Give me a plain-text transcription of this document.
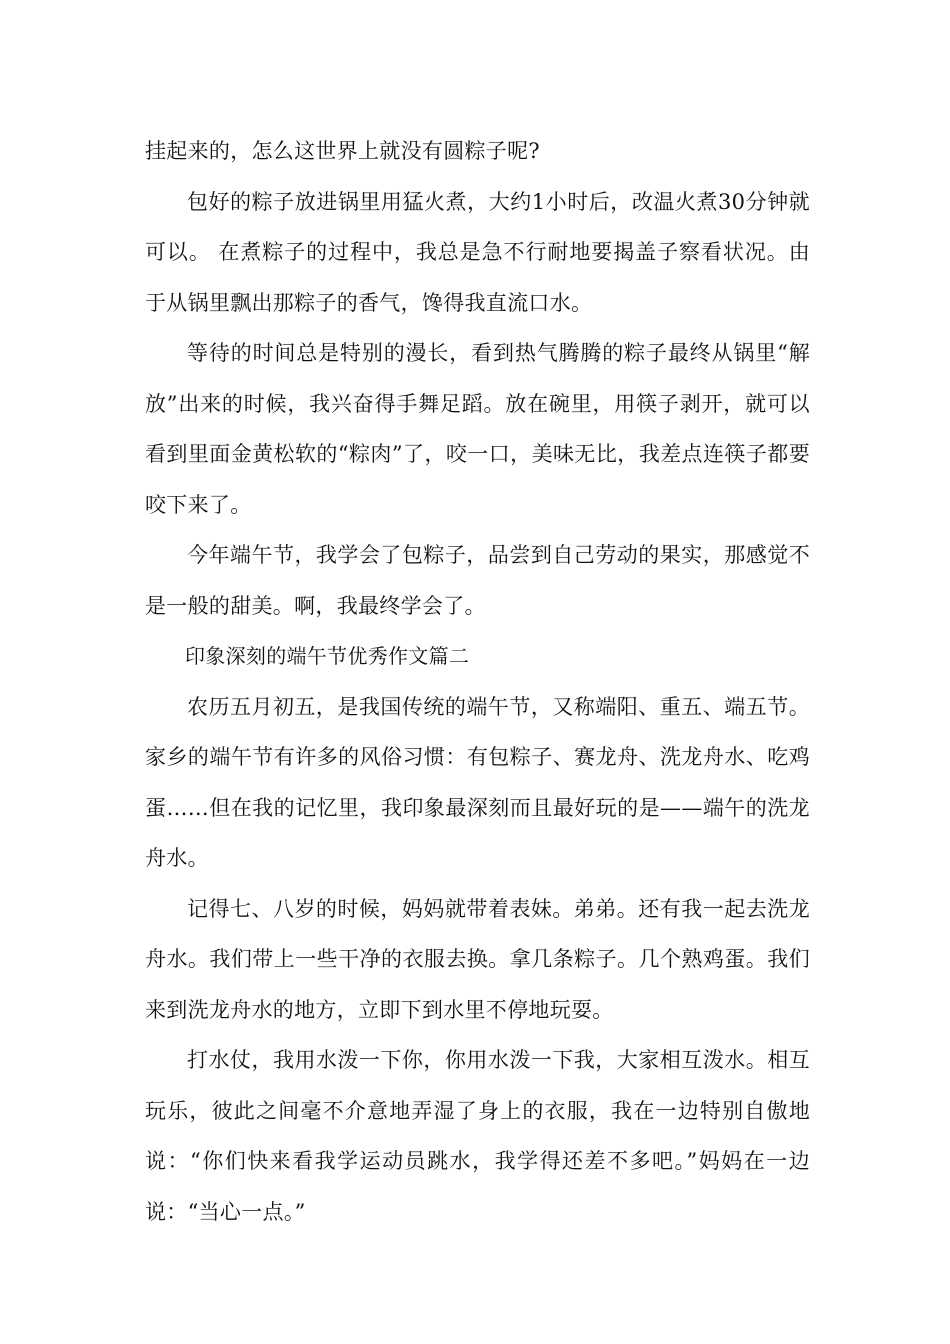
挂起来的，怎么这世界上就没有圆粽子呢?

包好的粽子放进锅里用猛火煮，大约1小时后，改温火煮30分钟就可以。 在煮粽子的过程中，我总是急不行耐地要揭盖子察看状况。由于从锅里飘出那粽子的香气，馋得我直流口水。

等待的时间总是特别的漫长，看到热气腾腾的粽子最终从锅里“解放”出来的时候，我兴奋得手舞足蹈。放在碗里，用筷子剥开，就可以看到里面金黄松软的“粽肉”了，咬一口，美味无比，我差点连筷子都要咬下来了。

今年端午节，我学会了包粽子，品尝到自己劳动的果实，那感觉不是一般的甜美。啊，我最终学会了。

印象深刻的端午节优秀作文篇二

农历五月初五，是我国传统的端午节，又称端阳、重五、端五节。家乡的端午节有许多的风俗习惯：有包粽子、赛龙舟、洗龙舟水、吃鸡蛋……但在我的记忆里，我印象最深刻而且最好玩的是——端午的洗龙舟水。

记得七、八岁的时候，妈妈就带着表妹。弟弟。还有我一起去洗龙舟水。我们带上一些干净的衣服去换。拿几条粽子。几个熟鸡蛋。我们来到洗龙舟水的地方，立即下到水里不停地玩耍。

打水仗，我用水泼一下你，你用水泼一下我，大家相互泼水。相互玩乐，彼此之间毫不介意地弄湿了身上的衣服，我在一边特别自傲地说：“你们快来看我学运动员跳水，我学得还差不多吧。”妈妈在一边说：“当心一点。”
